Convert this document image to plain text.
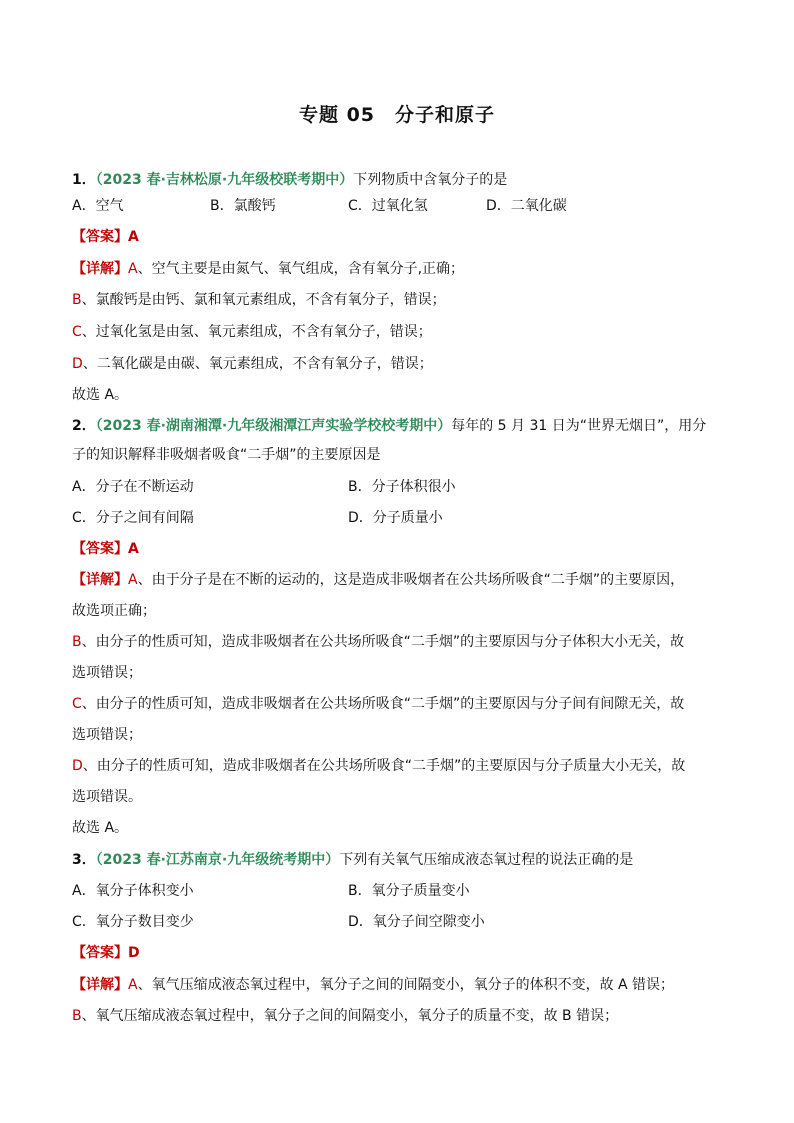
专题 05　分子和原子
1．（2023 春·吉林松原·九年级校联考期中）下列物质中含氧分子的是
A．空气	B．氯酸钙	C．过氧化氢	D．二氧化碳
【答案】A
【详解】A、空气主要是由氮气、氧气组成，含有氧分子,正确；
B、氯酸钙是由钙、氯和氧元素组成，不含有氧分子，错误；
C、过氧化氢是由氢、氧元素组成，不含有氧分子，错误；
D、二氧化碳是由碳、氧元素组成，不含有氧分子，错误；
故选 A。
2．（2023 春·湖南湘潭·九年级湘潭江声实验学校校考期中）每年的 5 月 31 日为“世界无烟日”，用分
子的知识解释非吸烟者吸食“二手烟”的主要原因是
A．分子在不断运动	B．分子体积很小
C．分子之间有间隔	D．分子质量小
【答案】A
【详解】A、由于分子是在不断的运动的，这是造成非吸烟者在公共场所吸食“二手烟”的主要原因，
故选项正确；
B、由分子的性质可知，造成非吸烟者在公共场所吸食“二手烟”的主要原因与分子体积大小无关，故
选项错误；
C、由分子的性质可知，造成非吸烟者在公共场所吸食“二手烟”的主要原因与分子间有间隙无关，故
选项错误；
D、由分子的性质可知，造成非吸烟者在公共场所吸食“二手烟”的主要原因与分子质量大小无关，故
选项错误。
故选 A。
3．（2023 春·江苏南京·九年级统考期中）下列有关氧气压缩成液态氧过程的说法正确的是
A．氧分子体积变小	B．氧分子质量变小
C．氧分子数目变少	D．氧分子间空隙变小
【答案】D
【详解】A、氧气压缩成液态氧过程中，氧分子之间的间隔变小，氧分子的体积不变，故 A 错误；
B、氧气压缩成液态氧过程中，氧分子之间的间隔变小，氧分子的质量不变，故 B 错误；
